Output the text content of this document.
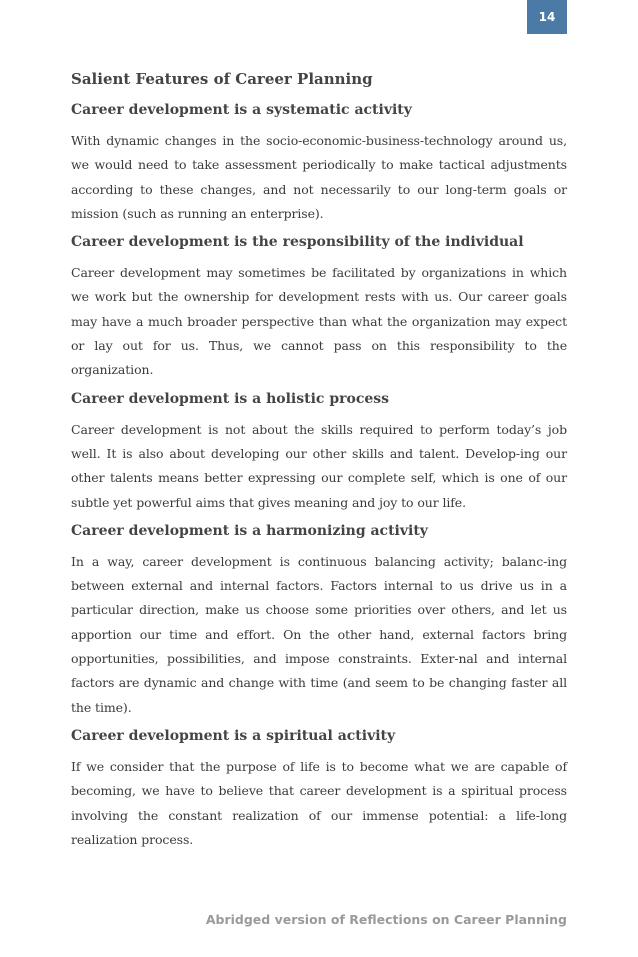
14
Salient Features of Career Planning
Career development is a systematic activity
With dynamic changes in the socio-economic-business-technology around us, we would need to take assessment periodically to make tactical adjustments according to these changes, and not necessarily to our long-term goals or mission (such as running an enterprise).
Career development is the responsibility of the individual
Career development may sometimes be facilitated by organizations in which we work but the ownership for development rests with us. Our career goals may have a much broader perspective than what the organization may expect or lay out for us. Thus, we cannot pass on this responsibility to the organization.
Career development is a holistic process
Career development is not about the skills required to perform today’s job well. It is also about developing our other skills and talent. Develop-ing our other talents means better expressing our complete self, which is one of our subtle yet powerful aims that gives meaning and joy to our life.
Career development is a harmonizing activity
In a way, career development is continuous balancing activity; balanc-ing between external and internal factors. Factors internal to us drive us in a particular direction, make us choose some priorities over others, and let us apportion our time and effort. On the other hand, external factors bring opportunities, possibilities, and impose constraints. Exter-nal and internal factors are dynamic and change with time (and seem to be changing faster all the time).
Career development is a spiritual activity
If we consider that the purpose of life is to become what we are capable of becoming, we have to believe that career development is a spiritual process involving the constant realization of our immense potential: a life-long realization process.
Abridged version of Reflections on Career Planning
